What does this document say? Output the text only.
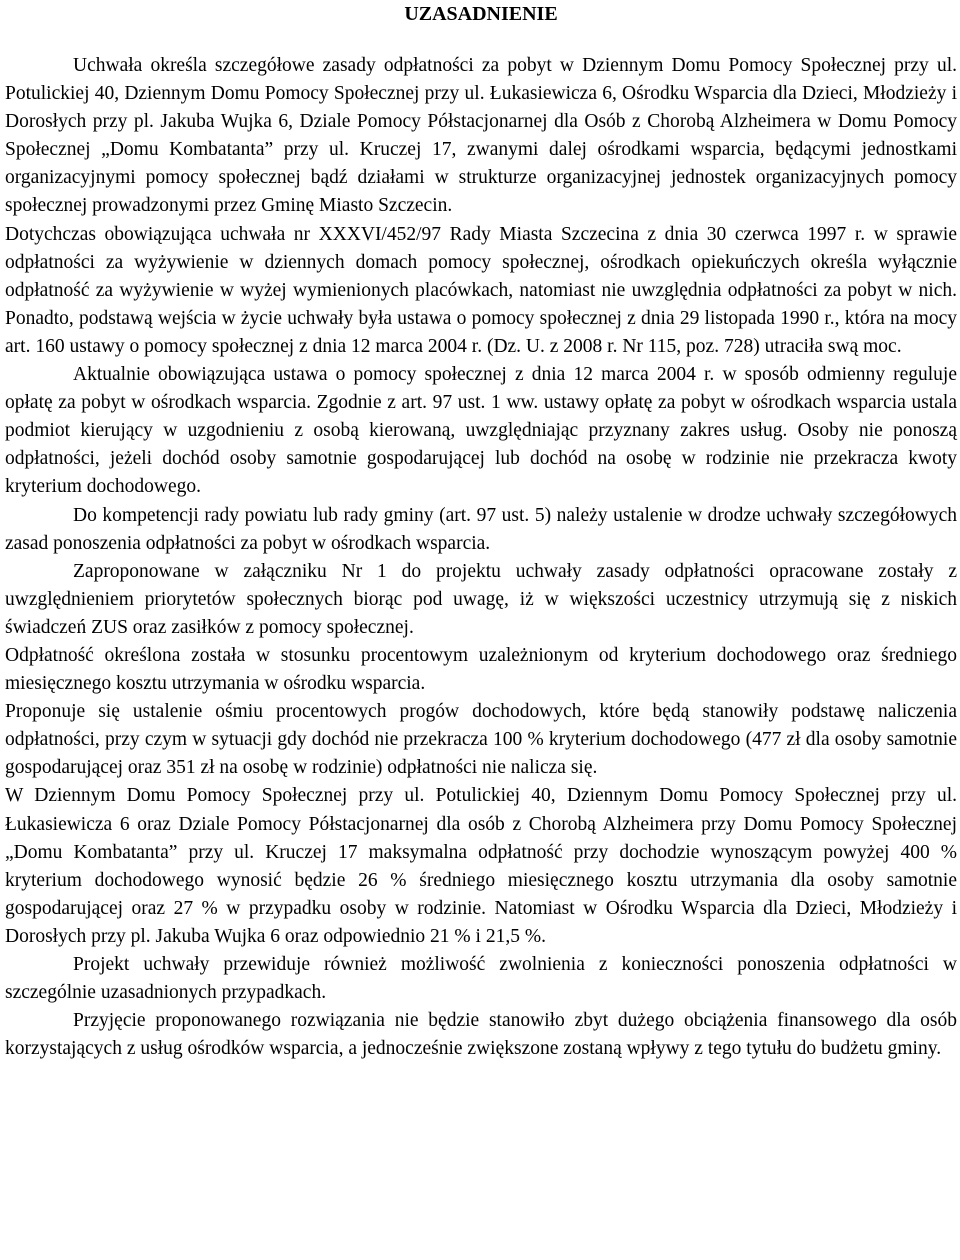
UZASADNIENIE

Uchwała określa szczegółowe zasady odpłatności za pobyt w Dziennym Domu Pomocy Społecznej przy ul. Potulickiej 40, Dziennym Domu Pomocy Społecznej przy ul. Łukasiewicza 6, Ośrodku Wsparcia dla Dzieci, Młodzieży i Dorosłych przy pl. Jakuba Wujka 6, Dziale Pomocy Półstacjonarnej dla Osób z Chorobą Alzheimera w Domu Pomocy Społecznej „Domu Kombatanta” przy ul. Kruczej 17, zwanymi dalej ośrodkami wsparcia, będącymi jednostkami organizacyjnymi pomocy społecznej bądź działami w strukturze organizacyjnej jednostek organizacyjnych pomocy społecznej prowadzonymi przez Gminę Miasto Szczecin.

Dotychczas obowiązująca uchwała nr XXXVI/452/97 Rady Miasta Szczecina z dnia 30 czerwca 1997 r. w sprawie odpłatności za wyżywienie w dziennych domach pomocy społecznej, ośrodkach opiekuńczych określa wyłącznie odpłatność za wyżywienie w wyżej wymienionych placówkach, natomiast nie uwzględnia odpłatności za pobyt w nich. Ponadto, podstawą wejścia w życie uchwały była ustawa o pomocy społecznej z dnia 29 listopada 1990 r., która na mocy art. 160 ustawy o pomocy społecznej z dnia 12 marca 2004 r. (Dz. U. z 2008 r. Nr 115, poz. 728) utraciła swą moc.

Aktualnie obowiązująca ustawa o pomocy społecznej z dnia 12 marca 2004 r. w sposób odmienny reguluje opłatę za pobyt w ośrodkach wsparcia. Zgodnie z art. 97 ust. 1 ww. ustawy opłatę za pobyt w ośrodkach wsparcia ustala podmiot kierujący w uzgodnieniu z osobą kierowaną, uwzględniając przyznany zakres usług. Osoby nie ponoszą odpłatności, jeżeli dochód osoby samotnie gospodarującej lub dochód na osobę w rodzinie nie przekracza kwoty kryterium dochodowego.

Do kompetencji rady powiatu lub rady gminy (art. 97 ust. 5) należy ustalenie w drodze uchwały szczegółowych zasad ponoszenia odpłatności za pobyt w ośrodkach wsparcia.

Zaproponowane w załączniku Nr 1 do projektu uchwały zasady odpłatności opracowane zostały z uwzględnieniem priorytetów społecznych biorąc pod uwagę, iż w większości uczestnicy utrzymują się z niskich świadczeń ZUS oraz zasiłków z pomocy społecznej.

Odpłatność określona została w stosunku procentowym uzależnionym od kryterium dochodowego oraz średniego miesięcznego kosztu utrzymania w ośrodku wsparcia.

Proponuje się ustalenie ośmiu procentowych progów dochodowych, które będą stanowiły podstawę naliczenia odpłatności, przy czym w sytuacji gdy dochód nie przekracza 100 % kryterium dochodowego (477 zł dla osoby samotnie gospodarującej oraz 351 zł na osobę w rodzinie) odpłatności nie nalicza się.

W Dziennym Domu Pomocy Społecznej przy ul. Potulickiej 40, Dziennym Domu Pomocy Społecznej przy ul. Łukasiewicza 6 oraz Dziale Pomocy Półstacjonarnej dla osób z Chorobą Alzheimera przy Domu Pomocy Społecznej „Domu Kombatanta” przy ul. Kruczej 17 maksymalna odpłatność przy dochodzie wynoszącym powyżej 400 % kryterium dochodowego wynosić będzie 26 % średniego miesięcznego kosztu utrzymania dla osoby samotnie gospodarującej oraz 27 % w przypadku osoby w rodzinie. Natomiast w Ośrodku Wsparcia dla Dzieci, Młodzieży i Dorosłych przy pl. Jakuba Wujka 6 oraz odpowiednio 21 % i 21,5 %.

Projekt uchwały przewiduje również możliwość zwolnienia z konieczności ponoszenia odpłatności w szczególnie uzasadnionych przypadkach.

Przyjęcie proponowanego rozwiązania nie będzie stanowiło zbyt dużego obciążenia finansowego dla osób korzystających z usług ośrodków wsparcia, a jednocześnie zwiększone zostaną wpływy z tego tytułu do budżetu gminy.
